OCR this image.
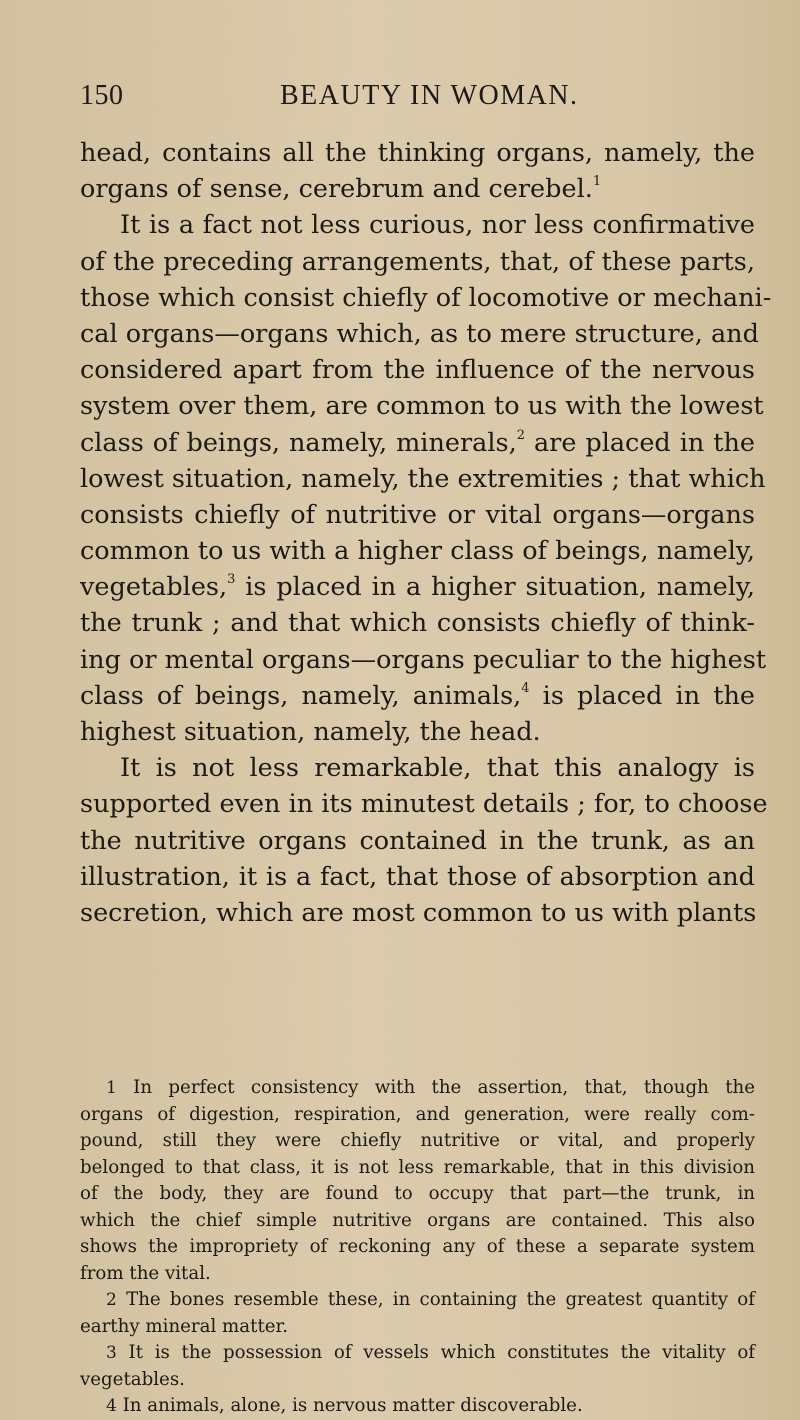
150	BEAUTY IN WOMAN.
head, contains all the thinking organs, namely, the
organs of sense, cerebrum and cerebel.$^1$
It is a fact not less curious, nor less confirmative
of the preceding arrangements, that, of these parts,
those which consist chiefly of locomotive or mechani-
cal organs—organs which, as to mere structure, and
considered apart from the influence of the nervous
system over them, are common to us with the lowest
class of beings, namely, minerals,$^2$ are placed in the
lowest situation, namely, the extremities ; that which
consists chiefly of nutritive or vital organs—organs
common to us with a higher class of beings, namely,
vegetables,$^3$ is placed in a higher situation, namely,
the trunk ; and that which consists chiefly of think-
ing or mental organs—organs peculiar to the highest
class of beings, namely, animals,$^4$ is placed in the
highest situation, namely, the head.
It is not less remarkable, that this analogy is
supported even in its minutest details ; for, to choose
the nutritive organs contained in the trunk, as an
illustration, it is a fact, that those of absorption and
secretion, which are most common to us with plants
1 In perfect consistency with the assertion, that, though the
organs of digestion, respiration, and generation, were really com-
pound, still they were chiefly nutritive or vital, and properly
belonged to that class, it is not less remarkable, that in this division
of the body, they are found to occupy that part—the trunk, in
which the chief simple nutritive organs are contained. This also
shows the impropriety of reckoning any of these a separate system
from the vital.
2 The bones resemble these, in containing the greatest quantity of
earthy mineral matter.
3 It is the possession of vessels which constitutes the vitality of
vegetables.
4 In animals, alone, is nervous matter discoverable.
